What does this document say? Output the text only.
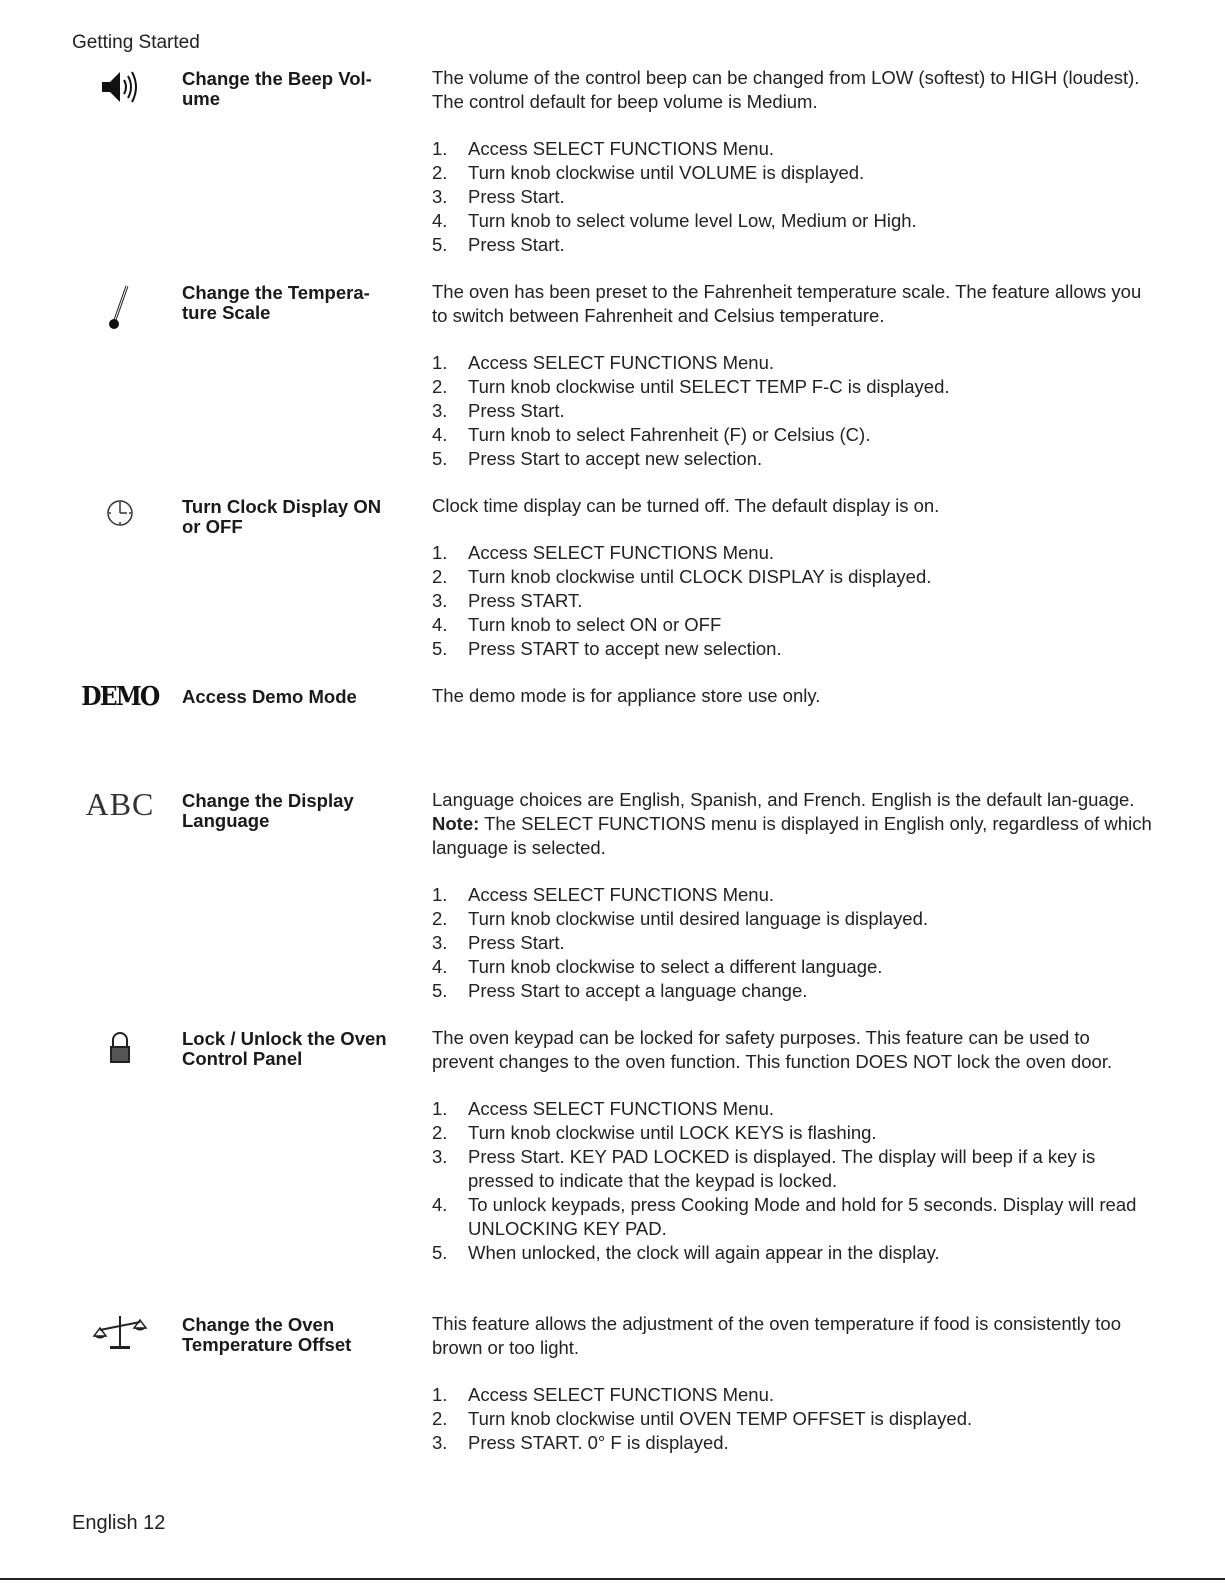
Getting Started
Change the Beep Vol-
ume

The volume of the control beep can be changed from LOW (softest) to HIGH (loudest). The control default for beep volume is Medium.

1. Access SELECT FUNCTIONS Menu.
2. Turn knob clockwise until VOLUME is displayed.
3. Press Start.
4. Turn knob to select volume level Low, Medium or High.
5. Press Start.
Change the Tempera-
ture Scale

The oven has been preset to the Fahrenheit temperature scale. The feature allows you to switch between Fahrenheit and Celsius temperature.

1. Access SELECT FUNCTIONS Menu.
2. Turn knob clockwise until SELECT TEMP F-C is displayed.
3. Press Start.
4. Turn knob to select Fahrenheit (F) or Celsius (C).
5. Press Start to accept new selection.
Turn Clock Display ON
or OFF

Clock time display can be turned off. The default display is on.

1. Access SELECT FUNCTIONS Menu.
2. Turn knob clockwise until CLOCK DISPLAY is displayed.
3. Press START.
4. Turn knob to select ON or OFF
5. Press START to accept new selection.
DEMO Access Demo Mode	The demo mode is for appliance store use only.

ABC Change the Display
Language

Language choices are English, Spanish, and French. English is the default lan-guage. Note: The SELECT FUNCTIONS menu is displayed in English only, regardless of which language is selected.

1. Access SELECT FUNCTIONS Menu.
2. Turn knob clockwise until desired language is displayed.
3. Press Start.
4. Turn knob clockwise to select a different language.
5. Press Start to accept a language change.
Lock / Unlock the Oven
Control Panel

The oven keypad can be locked for safety purposes. This feature can be used to prevent changes to the oven function. This function DOES NOT lock the oven door.

1. Access SELECT FUNCTIONS Menu.
2. Turn knob clockwise until LOCK KEYS is flashing.
3. Press Start. KEY PAD LOCKED is displayed. The display will beep if a key is pressed to indicate that the keypad is locked.
4. To unlock keypads, press Cooking Mode and hold for 5 seconds. Display will read UNLOCKING KEY PAD.
5. When unlocked, the clock will again appear in the display.
Change the Oven
Temperature Offset

This feature allows the adjustment of the oven temperature if food is consistently too brown or too light.

1. Access SELECT FUNCTIONS Menu.
2. Turn knob clockwise until OVEN TEMP OFFSET is displayed.
3. Press START. 0° F is displayed.
English 12
